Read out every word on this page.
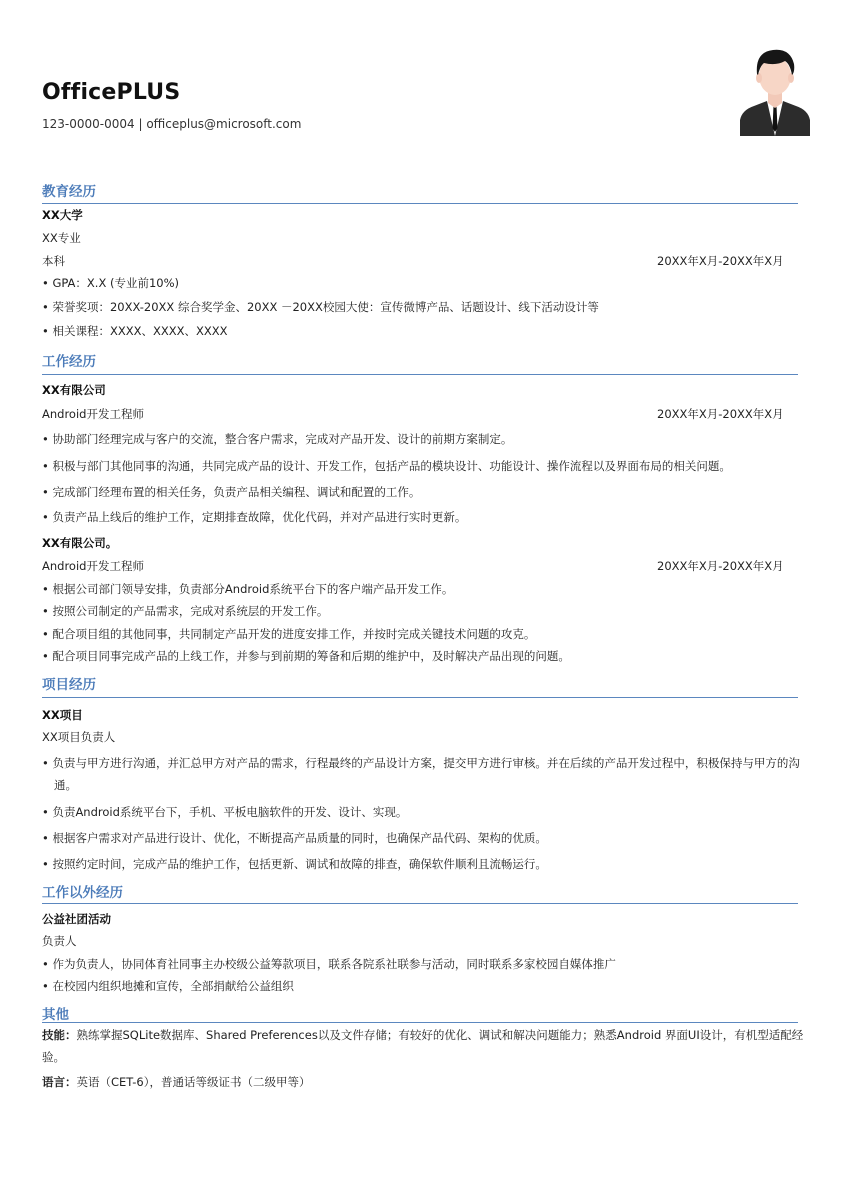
OfficePLUS
123-0000-0004 | officeplus@microsoft.com
教育经历
XX大学
XX专业
本科	20XX年X月-20XX年X月
• GPA：X.X (专业前10%)
• 荣誉奖项：20XX-20XX 综合奖学金、20XX －20XX校园大使：宣传微博产品、话题设计、线下活动设计等
• 相关课程：XXXX、XXXX、XXXX
工作经历
XX有限公司
Android开发工程师	20XX年X月-20XX年X月
• 协助部门经理完成与客户的交流，整合客户需求，完成对产品开发、设计的前期方案制定。
• 积极与部门其他同事的沟通，共同完成产品的设计、开发工作，包括产品的模块设计、功能设计、操作流程以及界面布局的相关问题。
• 完成部门经理布置的相关任务，负责产品相关编程、调试和配置的工作。
• 负责产品上线后的维护工作，定期排查故障，优化代码，并对产品进行实时更新。
XX有限公司。
Android开发工程师	20XX年X月-20XX年X月
• 根据公司部门领导安排，负责部分Android系统平台下的客户端产品开发工作。
• 按照公司制定的产品需求，完成对系统层的开发工作。
• 配合项目组的其他同事，共同制定产品开发的进度安排工作，并按时完成关键技术问题的攻克。
• 配合项目同事完成产品的上线工作，并参与到前期的筹备和后期的维护中，及时解决产品出现的问题。
项目经历
XX项目
XX项目负责人
• 负责与甲方进行沟通，并汇总甲方对产品的需求，行程最终的产品设计方案，提交甲方进行审核。并在后续的产品开发过程中，积极保持与甲方的沟
通。
• 负责Android系统平台下，手机、平板电脑软件的开发、设计、实现。
• 根据客户需求对产品进行设计、优化，不断提高产品质量的同时，也确保产品代码、架构的优质。
• 按照约定时间，完成产品的维护工作，包括更新、调试和故障的排查，确保软件顺利且流畅运行。
工作以外经历
公益社团活动
负责人
• 作为负责人，协同体育社同事主办校级公益筹款项目，联系各院系社联参与活动，同时联系多家校园自媒体推广
• 在校园内组织地摊和宣传，全部捐献给公益组织
其他
技能：熟练掌握SQLite数据库、Shared Preferences以及文件存储；有较好的优化、调试和解决问题能力；熟悉Android 界面UI设计，有机型适配经验。
语言：英语（CET-6），普通话等级证书（二级甲等）
